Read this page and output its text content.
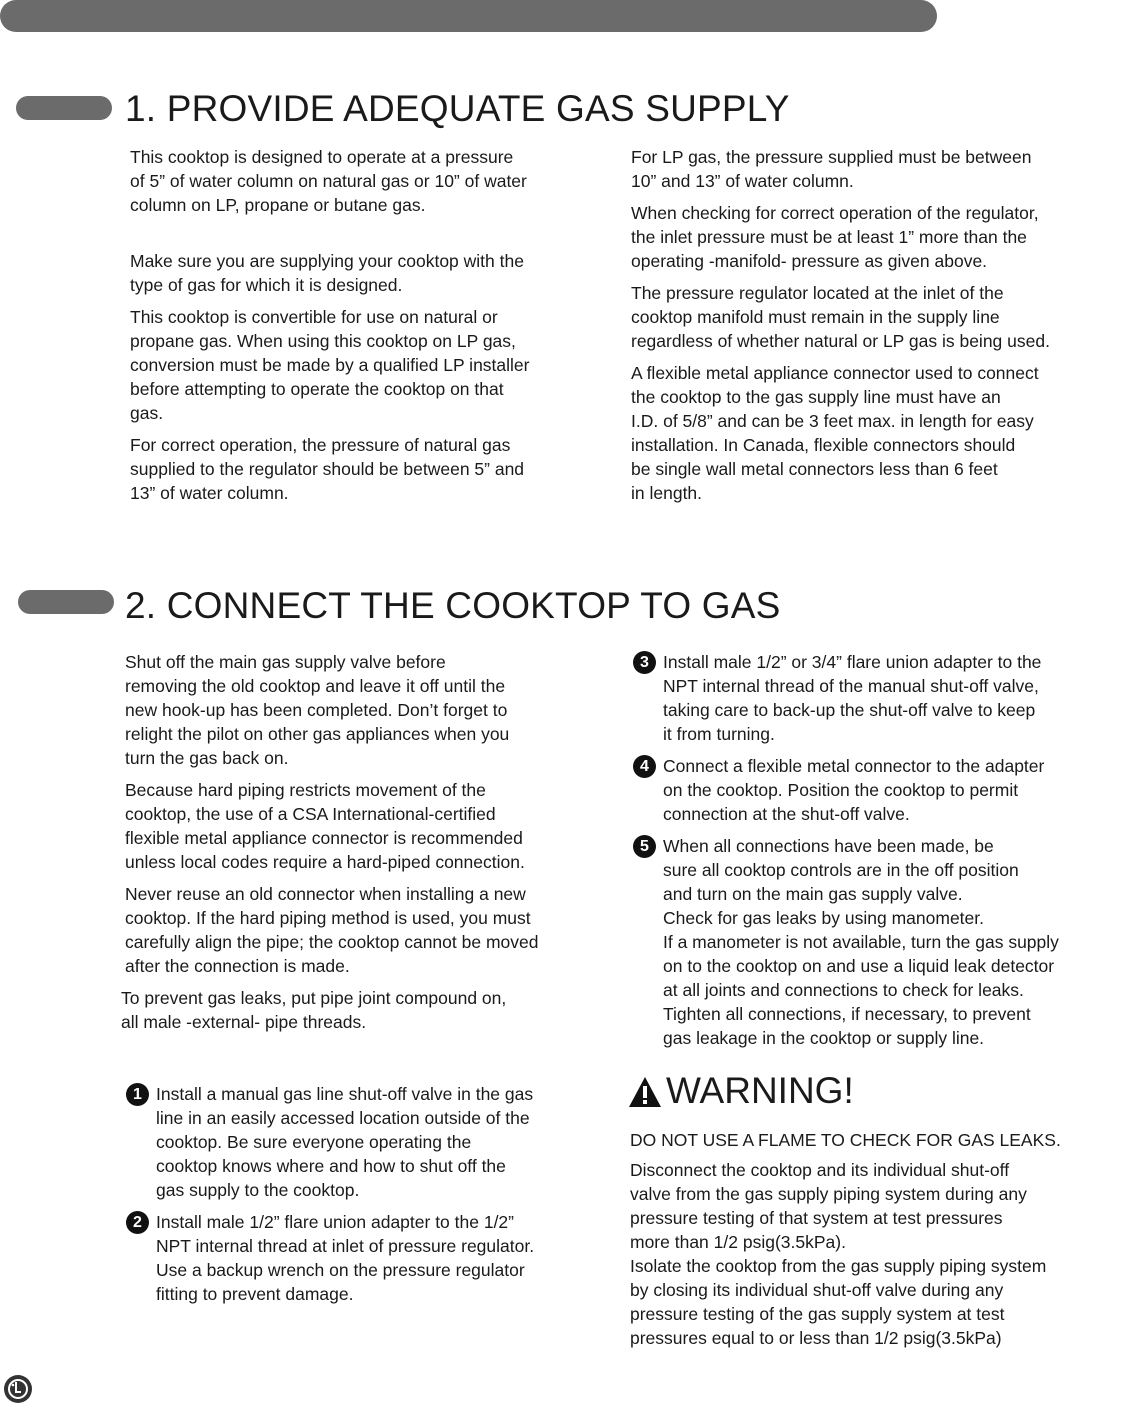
1. PROVIDE ADEQUATE GAS SUPPLY

This cooktop is designed to operate at a pressure
of 5” of water column on natural gas or 10” of water
column on LP, propane or butane gas.

Make sure you are supplying your cooktop with the
type of gas for which it is designed.

This cooktop is convertible for use on natural or
propane gas. When using this cooktop on LP gas,
conversion must be made by a qualified LP installer
before attempting to operate the cooktop on that
gas.

For correct operation, the pressure of natural gas
supplied to the regulator should be between 5” and
13” of water column.

For LP gas, the pressure supplied must be between
10” and 13” of water column.

When checking for correct operation of the regulator,
the inlet pressure must be at least 1” more than the
operating -manifold- pressure as given above.

The pressure regulator located at the inlet of the
cooktop manifold must remain in the supply line
regardless of whether natural or LP gas is being used.

A flexible metal appliance connector used to connect
the cooktop to the gas supply line must have an
I.D. of 5/8” and can be 3 feet max. in length for easy
installation. In Canada, flexible connectors should
be single wall metal connectors less than 6 feet
in length.

2. CONNECT THE COOKTOP TO GAS

Shut off the main gas supply valve before
removing the old cooktop and leave it off until the
new hook-up has been completed. Don’t forget to
relight the pilot on other gas appliances when you
turn the gas back on.

Because hard piping restricts movement of the
cooktop, the use of a CSA International-certified
flexible metal appliance connector is recommended
unless local codes require a hard-piped connection.

Never reuse an old connector when installing a new
cooktop. If the hard piping method is used, you must
carefully align the pipe; the cooktop cannot be moved
after the connection is made.

To prevent gas leaks, put pipe joint compound on,
all male -external- pipe threads.

1 Install a manual gas line shut-off valve in the gas
line in an easily accessed location outside of the
cooktop. Be sure everyone operating the
cooktop knows where and how to shut off the
gas supply to the cooktop.

2 Install male 1/2” flare union adapter to the 1/2”
NPT internal thread at inlet of pressure regulator.
Use a backup wrench on the pressure regulator
fitting to prevent damage.

3 Install male 1/2” or 3/4” flare union adapter to the
NPT internal thread of the manual shut-off valve,
taking care to back-up the shut-off valve to keep
it from turning.

4 Connect a flexible metal connector to the adapter
on the cooktop. Position the cooktop to permit
connection at the shut-off valve.

5 When all connections have been made, be
sure all cooktop controls are in the off position
and turn on the main gas supply valve.
Check for gas leaks by using manometer.
If a manometer is not available, turn the gas supply
on to the cooktop on and use a liquid leak detector
at all joints and connections to check for leaks.
Tighten all connections, if necessary, to prevent
gas leakage in the cooktop or supply line.

WARNING!

DO NOT USE A FLAME TO CHECK FOR GAS LEAKS.

Disconnect the cooktop and its individual shut-off
valve from the gas supply piping system during any
pressure testing of that system at test pressures
more than 1/2 psig(3.5kPa).
Isolate the cooktop from the gas supply piping system
by closing its individual shut-off valve during any
pressure testing of the gas supply system at test
pressures equal to or less than 1/2 psig(3.5kPa)
